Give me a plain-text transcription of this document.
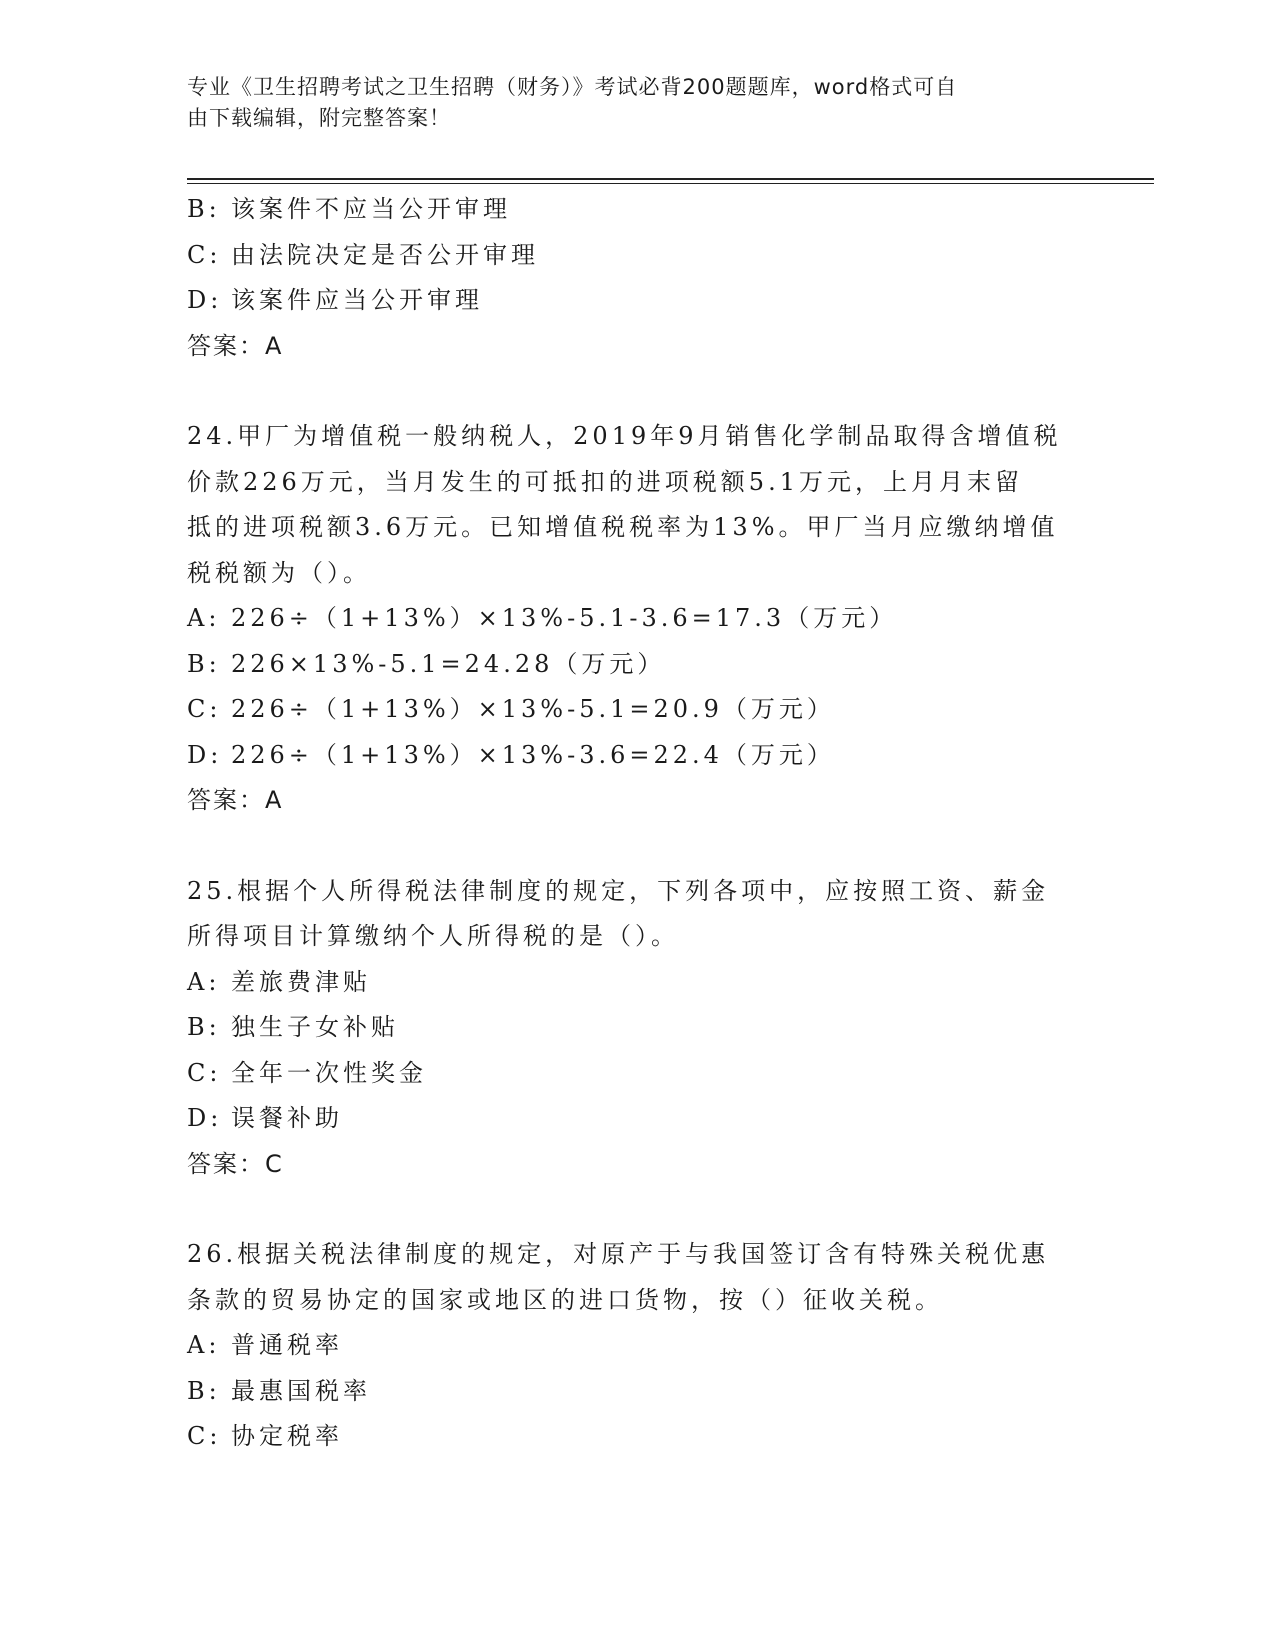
专业《卫生招聘考试之卫生招聘（财务）》考试必背200题题库，word格式可自
由下载编辑，附完整答案！
B: 该案件不应当公开审理
C: 由法院决定是否公开审理
D: 该案件应当公开审理
答案：A
24.甲厂为增值税一般纳税人，2019年9月销售化学制品取得含增值税
价款226万元，当月发生的可抵扣的进项税额5.1万元，上月月末留
抵的进项税额3.6万元。已知增值税税率为13%。甲厂当月应缴纳增值
税税额为（）。
A: 226÷（1+13%）×13%-5.1-3.6=17.3（万元）
B: 226×13%-5.1=24.28（万元）
C: 226÷（1+13%）×13%-5.1=20.9（万元）
D: 226÷（1+13%）×13%-3.6=22.4（万元）
答案：A
25.根据个人所得税法律制度的规定，下列各项中，应按照工资、薪金
所得项目计算缴纳个人所得税的是（）。
A: 差旅费津贴
B: 独生子女补贴
C: 全年一次性奖金
D: 误餐补助
答案：C
26.根据关税法律制度的规定，对原产于与我国签订含有特殊关税优惠
条款的贸易协定的国家或地区的进口货物，按（）征收关税。
A: 普通税率
B: 最惠国税率
C: 协定税率
